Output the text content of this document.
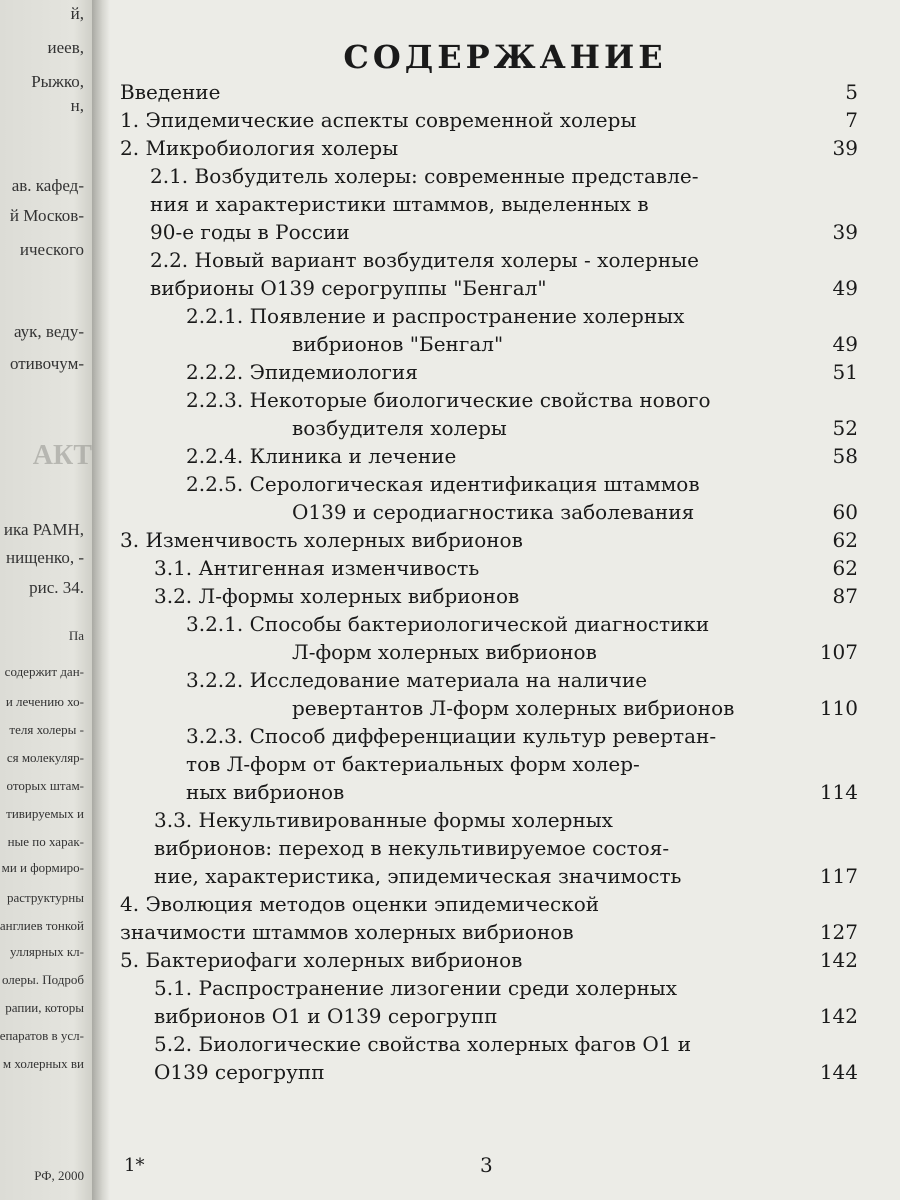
й,
иеев,
Рыжко,
н,
ав. кафед-
й Москов-
ического
аук, веду-
отивочум-
АКТ
ика РАМН,
нищенко, -
рис. 34.
Па
содержит дан-
и лечению хо-
теля холеры -
ся молекуляр-
оторых штам-
тивируемых и
ные по харак-
ми и формиро-
раструктурны
англиев тонкой
уллярных кл-
олеры. Подроб
рапии, которы
епаратов в усл-
м холерных ви
РФ, 2000
СОДЕРЖАНИЕ
Введение	5
1. Эпидемические аспекты современной холеры	7
2. Микробиология холеры	39
2.1. Возбудитель холеры: современные представле-
ния и характеристики штаммов, выделенных в
90-е годы в России	39
2.2. Новый вариант возбудителя холеры - холерные
вибрионы O139 серогруппы "Бенгал"	49
2.2.1. Появление и распространение холерных
вибрионов "Бенгал"	49
2.2.2. Эпидемиология	51
2.2.3. Некоторые биологические свойства нового
возбудителя холеры	52
2.2.4. Клиника и лечение	58
2.2.5. Серологическая идентификация штаммов
O139 и серодиагностика заболевания	60
3. Изменчивость холерных вибрионов	62
3.1. Антигенная изменчивость	62
3.2. Л-формы холерных вибрионов	87
3.2.1. Способы бактериологической диагностики
Л-форм холерных вибрионов	107
3.2.2. Исследование материала на наличие
ревертантов Л-форм холерных вибрионов	110
3.2.3. Способ дифференциации культур ревертан-
тов Л-форм от бактериальных форм холер-
ных вибрионов	114
3.3. Некультивированные формы холерных
вибрионов: переход в некультивируемое состоя-
ние, характеристика, эпидемическая значимость	117
4. Эволюция методов оценки эпидемической
значимости штаммов холерных вибрионов	127
5. Бактериофаги холерных вибрионов	142
5.1. Распространение лизогении среди холерных
вибрионов O1 и O139 серогрупп	142
5.2. Биологические свойства холерных фагов O1 и
O139 серогрупп	144
1*	3
